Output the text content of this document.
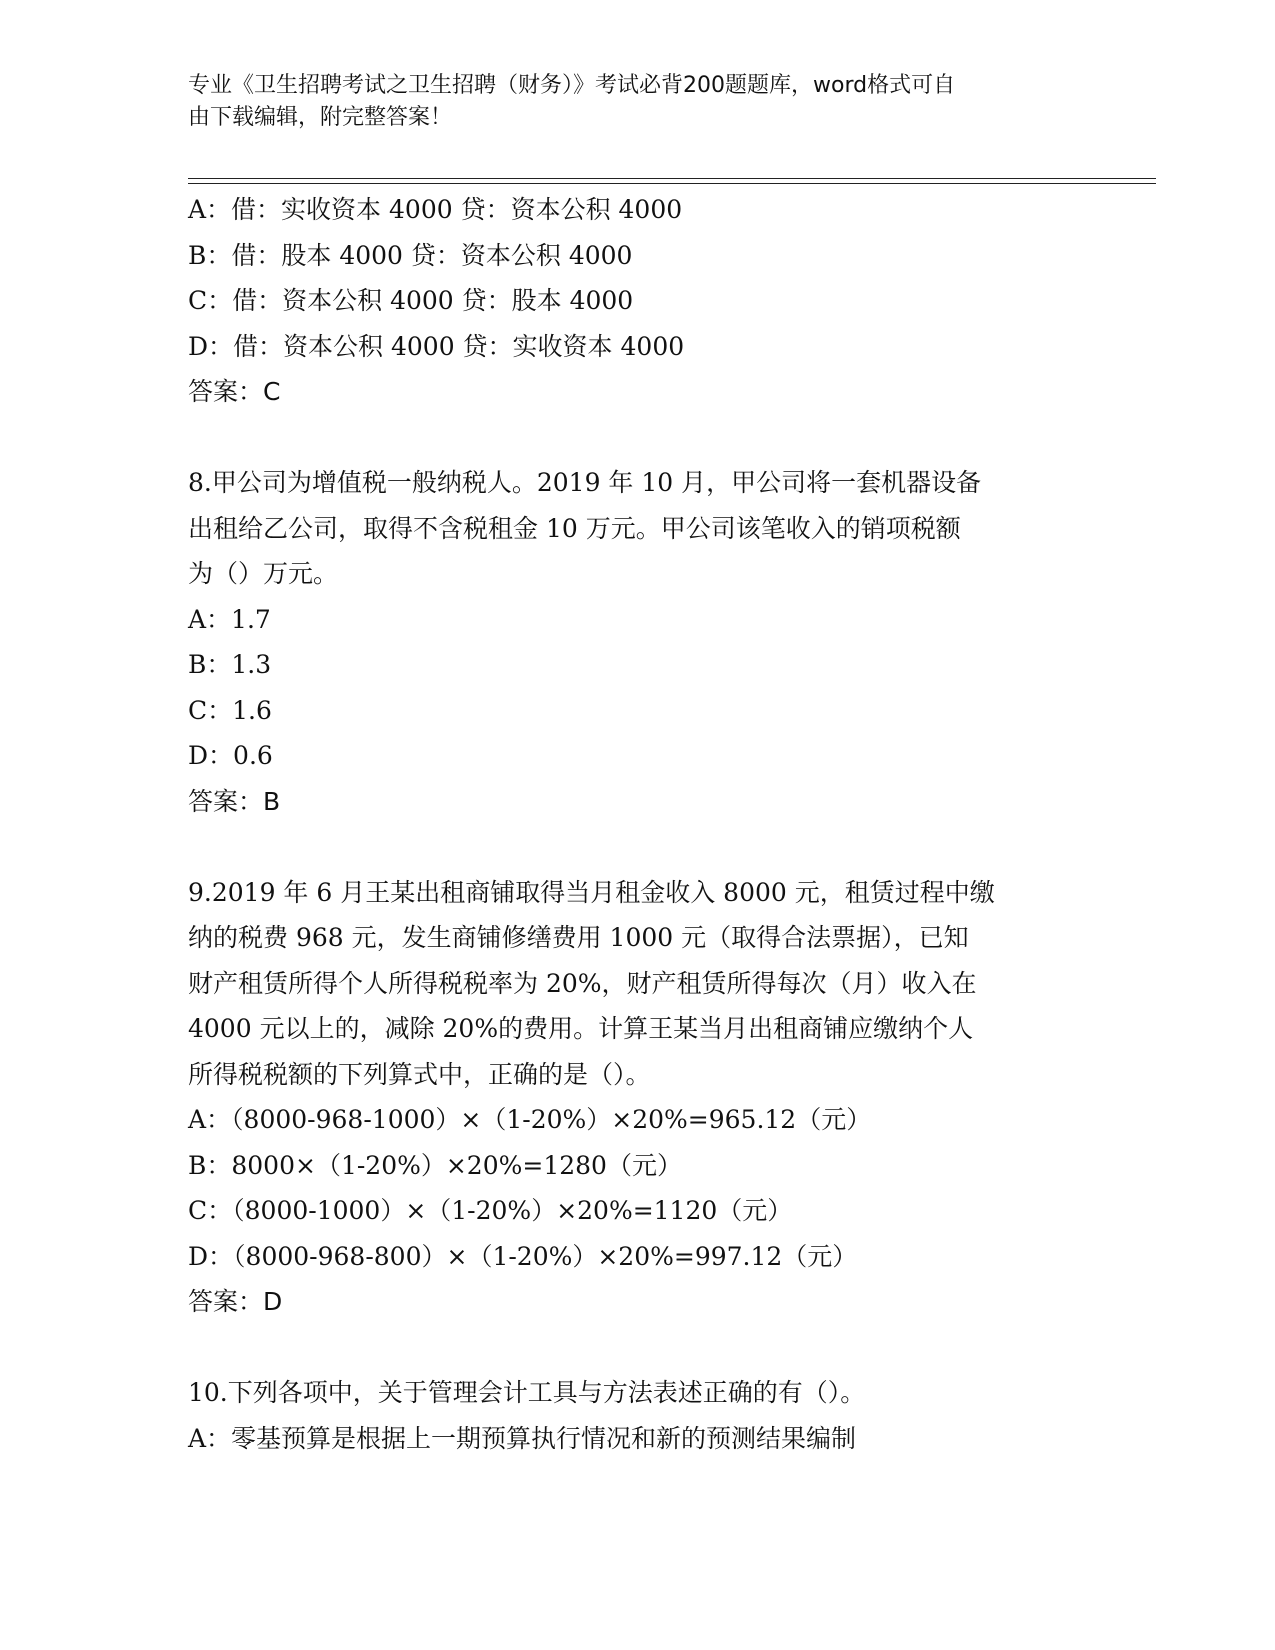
专业《卫生招聘考试之卫生招聘（财务）》考试必背200题题库，word格式可自
由下载编辑，附完整答案！
A：借：实收资本 4000 贷：资本公积 4000
B：借：股本 4000 贷：资本公积 4000
C：借：资本公积 4000 贷：股本 4000
D：借：资本公积 4000 贷：实收资本 4000
答案：C
8.甲公司为增值税一般纳税人。2019 年 10 月，甲公司将一套机器设备
出租给乙公司，取得不含税租金 10 万元。甲公司该笔收入的销项税额
为（）万元。
A：1.7
B：1.3
C：1.6
D：0.6
答案：B
9.2019 年 6 月王某出租商铺取得当月租金收入 8000 元，租赁过程中缴
纳的税费 968 元，发生商铺修缮费用 1000 元（取得合法票据），已知
财产租赁所得个人所得税税率为 20%，财产租赁所得每次（月）收入在
4000 元以上的，减除 20%的费用。计算王某当月出租商铺应缴纳个人
所得税税额的下列算式中，正确的是（）。
A：（8000-968-1000）×（1-20%）×20%=965.12（元）
B：8000×（1-20%）×20%=1280（元）
C：（8000-1000）×（1-20%）×20%=1120（元）
D：（8000-968-800）×（1-20%）×20%=997.12（元）
答案：D
10.下列各项中，关于管理会计工具与方法表述正确的有（）。
A：零基预算是根据上一期预算执行情况和新的预测结果编制
